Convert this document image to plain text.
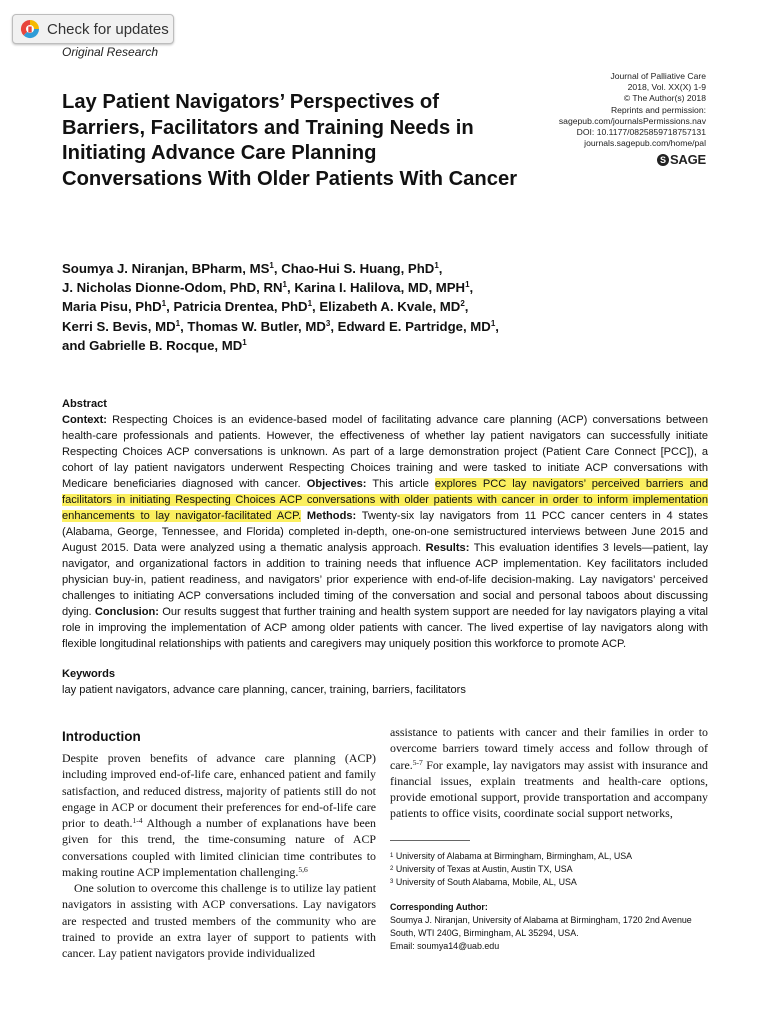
Check for updates
Original Research
Journal of Palliative Care
2018, Vol. XX(X) 1-9
© The Author(s) 2018
Reprints and permission:
sagepub.com/journalsPermissions.nav
DOI: 10.1177/0825859718757131
journals.sagepub.com/home/pal
S SAGE
Lay Patient Navigators’ Perspectives of Barriers, Facilitators and Training Needs in Initiating Advance Care Planning Conversations With Older Patients With Cancer
Soumya J. Niranjan, BPharm, $MS^1$, Chao-Hui S. Huang, PhD$^1$,
J. Nicholas Dionne-Odom, PhD, $RN^1$, Karina I. Halilova, MD, MPH$^1$,
Maria Pisu, PhD$^1$, Patricia Drentea, PhD$^1$, Elizabeth A. Kvale, $MD^2$,
Kerri S. Bevis, $MD^1$, Thomas W. Butler, $MD^3$, Edward E. Partridge, $MD^1$,
and Gabrielle B. Rocque, $MD^1$
Abstract

Context: Respecting Choices is an evidence-based model of facilitating advance care planning (ACP) conversations between health-care professionals and patients. However, the effectiveness of whether lay patient navigators can successfully initiate Respecting Choices ACP conversations is unknown. As part of a large demonstration project (Patient Care Connect [PCC]), a cohort of lay patient navigators underwent Respecting Choices training and were tasked to initiate ACP conversations with Medicare beneficiaries diagnosed with cancer. Objectives: This article explores PCC lay navigators’ perceived barriers and facilitators in initiating Respecting Choices ACP conversations with older patients with cancer in order to inform implementation enhancements to lay navigator-facilitated ACP. Methods: Twenty-six lay navigators from 11 PCC cancer centers in 4 states (Alabama, George, Tennessee, and Florida) completed in-depth, one-on-one semistructured interviews between June 2015 and August 2015. Data were analyzed using a thematic analysis approach. Results: This evaluation identifies 3 levels—patient, lay navigator, and organizational factors in addition to training needs that influence ACP implementation. Key facilitators included physician buy-in, patient readiness, and navigators’ prior experience with end-of-life decision-making. Lay navigators’ perceived challenges to initiating ACP conversations included timing of the conversation and social and personal taboos about discussing dying. Conclusion: Our results suggest that further training and health system support are needed for lay navigators playing a vital role in improving the implementation of ACP among older patients with cancer. The lived expertise of lay navigators along with flexible longitudinal relationships with patients and caregivers may uniquely position this workforce to promote ACP.

Keywords
lay patient navigators, advance care planning, cancer, training, barriers, facilitators
Introduction

Despite proven benefits of advance care planning (ACP) including improved end-of-life care, enhanced patient and family satisfaction, and reduced distress, majority of patients still do not engage in ACP or document their preferences for end-of-life care prior to death.$^{1-4}$ Although a number of explanations have been given for this trend, the time-consuming nature of ACP conversations coupled with limited clinician time contributes to making routine ACP implementation challenging.$^{5,6}$

One solution to overcome this challenge is to utilize lay patient navigators in assisting with ACP conversations. Lay navigators are respected and trusted members of the community who are trained to provide an extra layer of support to patients with cancer. Lay patient navigators provide individualized

assistance to patients with cancer and their families in order to overcome barriers toward timely access and follow through of care.$^{5-7}$ For example, lay navigators may assist with insurance and financial issues, explain treatments and health-care options, provide emotional support, provide transportation and accompany patients to office visits, coordinate social support networks,

$^1$ University of Alabama at Birmingham, Birmingham, AL, USA
$^2$ University of Texas at Austin, Austin TX, USA
$^3$ University of South Alabama, Mobile, AL, USA
Corresponding Author:
Soumya J. Niranjan, University of Alabama at Birmingham, 1720 2nd Avenue South, WTI 240G, Birmingham, AL 35294, USA.
Email: soumya14@uab.edu
